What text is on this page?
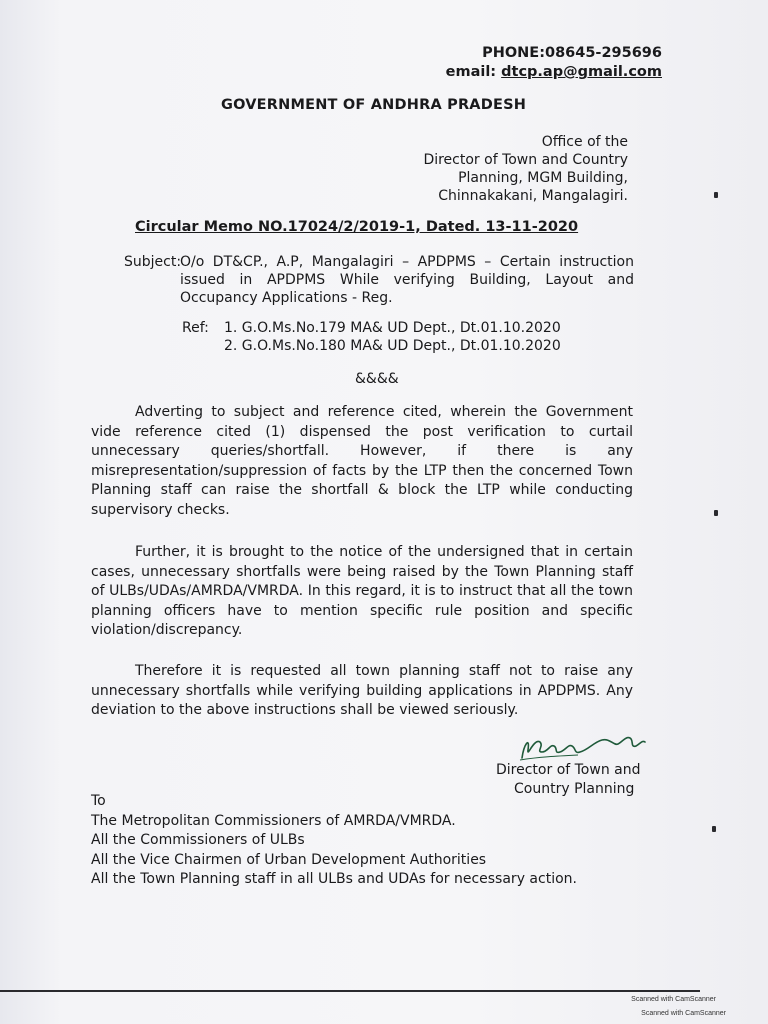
PHONE:08645-295696
email: dtcp.ap@gmail.com
GOVERNMENT OF ANDHRA PRADESH
Office of the
Director of Town and Country
Planning, MGM Building,
Chinnakakani, Mangalagiri.
Circular Memo NO.17024/2/2019-1, Dated. 13-11-2020
Subject:
O/o DT&CP., A.P, Mangalagiri – APDPMS – Certain instruction issued in APDPMS While verifying Building, Layout and Occupancy Applications - Reg.
Ref: 1. G.O.Ms.No.179 MA& UD Dept., Dt.01.10.2020
2. G.O.Ms.No.180 MA& UD Dept., Dt.01.10.2020
&&&&
Adverting to subject and reference cited, wherein the Government vide reference cited (1) dispensed the post verification to curtail unnecessary queries/shortfall. However, if there is any misrepresentation/suppression of facts by the LTP then the concerned Town Planning staff can raise the shortfall & block the LTP while conducting supervisory checks.
Further, it is brought to the notice of the undersigned that in certain cases, unnecessary shortfalls were being raised by the Town Planning staff of ULBs/UDAs/AMRDA/VMRDA. In this regard, it is to instruct that all the town planning officers have to mention specific rule position and specific violation/discrepancy.
Therefore it is requested all town planning staff not to raise any unnecessary shortfalls while verifying building applications in APDPMS. Any deviation to the above instructions shall be viewed seriously.
Director of Town and
Country Planning
To
The Metropolitan Commissioners of AMRDA/VMRDA.
All the Commissioners of ULBs
All the Vice Chairmen of Urban Development Authorities
All the Town Planning staff in all ULBs and UDAs for necessary action.
Scanned with CamScanner
Scanned with CamScanner
